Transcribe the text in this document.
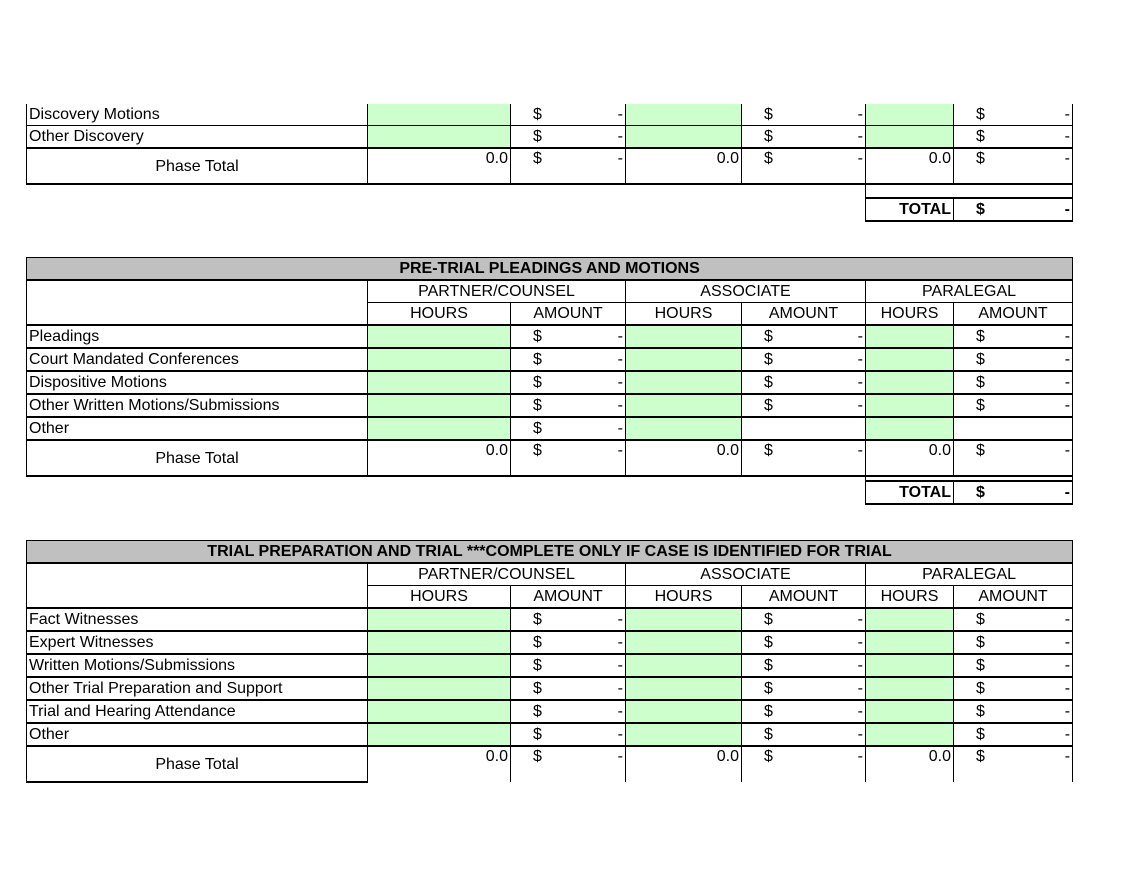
Discovery Motions		$ -		$ -		$ -

Other Discovery		$ -		$ -		$ -

Phase Total	0.0	$ -	0.0	$ -	0.0	$ -

TOTAL	$	-
PRE-TRIAL PLEADINGS AND MOTIONS						
	PARTNER/COUNSEL		ASSOCIATE		PARALEGAL	
	HOURS	AMOUNT	HOURS	AMOUNT	HOURS	AMOUNT
Pleadings		$ -		$ -		$ -

Court Mandated Conferences		$ -		$ -		$ -

Dispositive Motions		$ -		$ -		$ -

Other Written Motions/Submissions		$ -		$ -		$ -

Other		$ -				

Phase Total	0.0	$ -	0.0	$ -	0.0	$ -

TOTAL	$	-
TRIAL PREPARATION AND TRIAL ***COMPLETE ONLY IF CASE IS IDENTIFIED FOR TRIAL						
	PARTNER/COUNSEL		ASSOCIATE		PARALEGAL	
	HOURS	AMOUNT	HOURS	AMOUNT	HOURS	AMOUNT
Fact Witnesses		$ -		$ -		$ -

Expert Witnesses		$ -		$ -		$ -

Written Motions/Submissions		$ -		$ -		$ -

Other Trial Preparation and Support		$ -		$ -		$ -

Trial and Hearing Attendance		$ -		$ -		$ -

Other		$ -		$ -		$ -

Phase Total	0.0	$ -	0.0	$ -	0.0	$ -
